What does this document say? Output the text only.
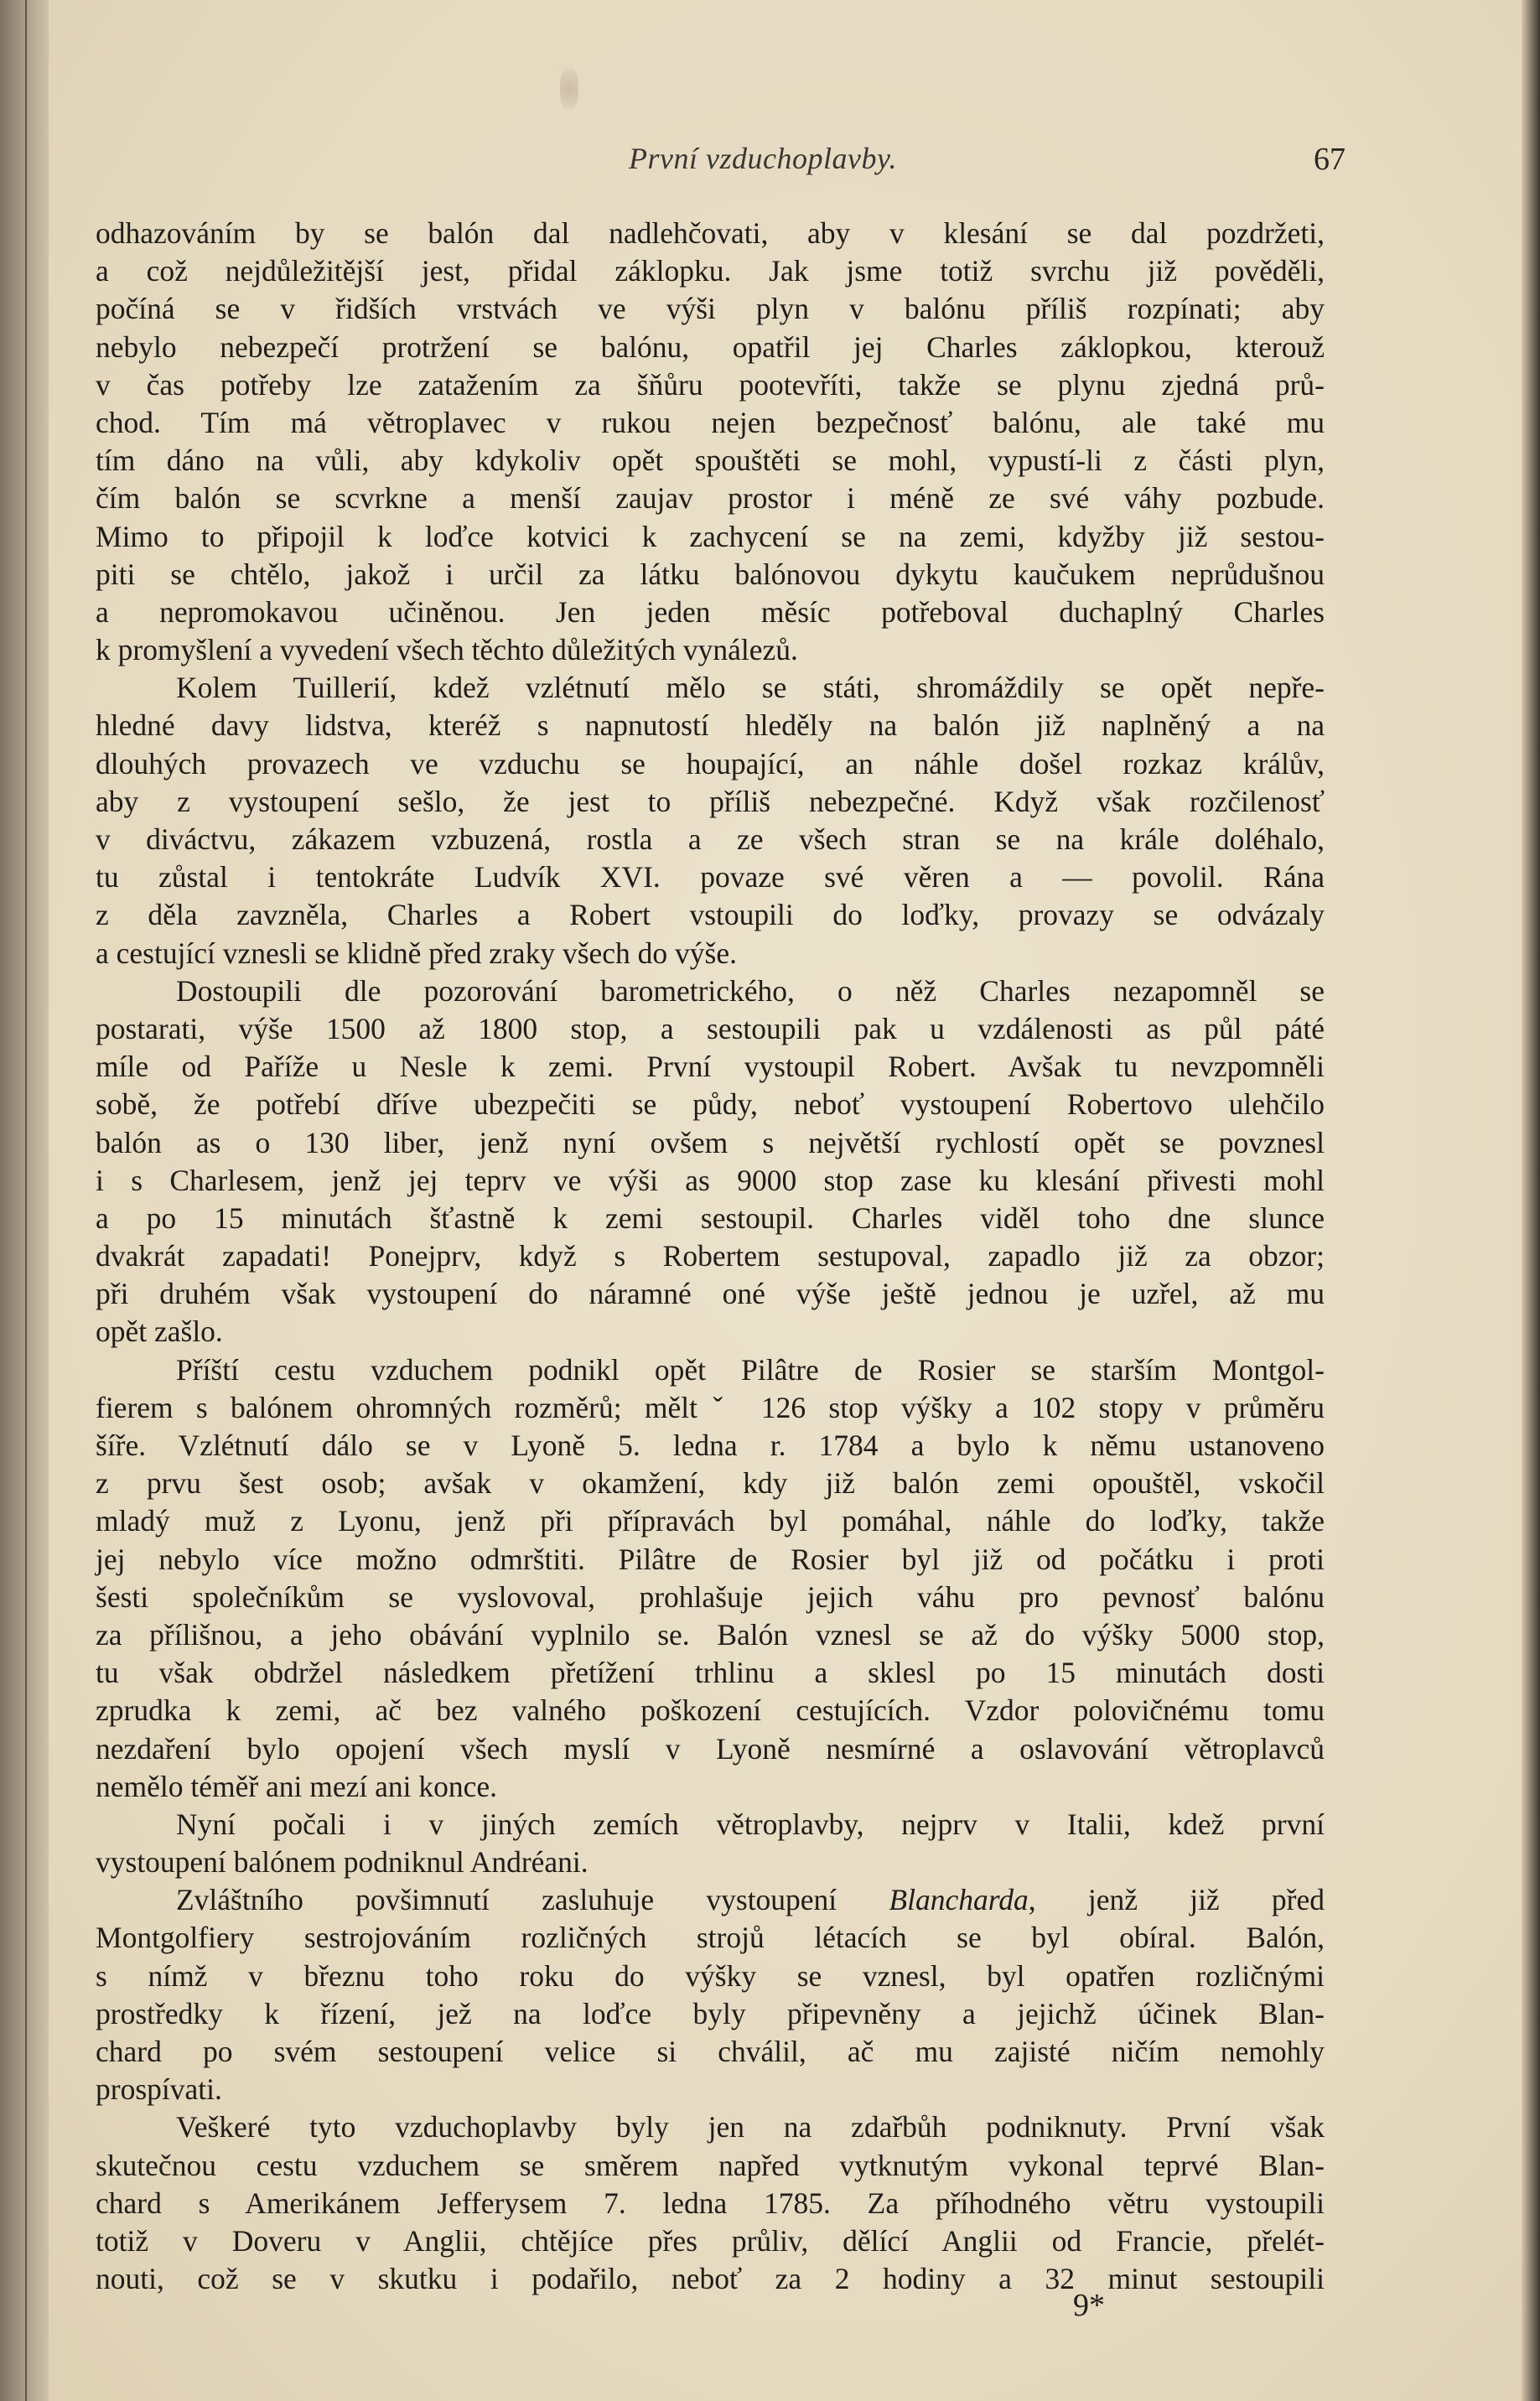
První vzduchoplavby.	67
odhazováním by se balón dal nadlehčovati, aby v klesání se dal pozdržeti,
a což nejdůležitější jest, přidal záklopku. Jak jsme totiž svrchu již pověděli,
počíná se v řidších vrstvách ve výši plyn v balónu příliš rozpínati; aby
nebylo nebezpečí protržení se balónu, opatřil jej Charles záklopkou, kterouž
v čas potřeby lze zatažením za šňůru pootevříti, takže se plynu zjedná prů-
chod. Tím má větroplavec v rukou nejen bezpečnosť balónu, ale také mu
tím dáno na vůli, aby kdykoliv opět spouštěti se mohl, vypustí-li z části plyn,
čím balón se scvrkne a menší zaujav prostor i méně ze své váhy pozbude.
Mimo to připojil k loďce kotvici k zachycení se na zemi, kdyžby již sestou-
piti se chtělo, jakož i určil za látku balónovou dykytu kaučukem neprůdušnou
a nepromokavou učiněnou. Jen jeden měsíc potřeboval duchaplný Charles
k promyšlení a vyvedení všech těchto důležitých vynálezů.
Kolem Tuillerií, kdež vzlétnutí mělo se státi, shromáždily se opět nepře-
hledné davy lidstva, kteréž s napnutostí hleděly na balón již naplněný a na
dlouhých provazech ve vzduchu se houpající, an náhle došel rozkaz králův,
aby z vystoupení sešlo, že jest to příliš nebezpečné. Když však rozčilenosť
v diváctvu, zákazem vzbuzená, rostla a ze všech stran se na krále doléhalo,
tu zůstal i tentokráte Ludvík XVI. povaze své věren a — povolil. Rána
z děla zavzněla, Charles a Robert vstoupili do loďky, provazy se odvázaly
a cestující vznesli se klidně před zraky všech do výše.
Dostoupili dle pozorování barometrického, o něž Charles nezapomněl se
postarati, výše 1500 až 1800 stop, a sestoupili pak u vzdálenosti as půl páté
míle od Paříže u Nesle k zemi. První vystoupil Robert. Avšak tu nevzpomněli
sobě, že potřebí dříve ubezpečiti se půdy, neboť vystoupení Robertovo ulehčilo
balón as o 130 liber, jenž nyní ovšem s největší rychlostí opět se povznesl
i s Charlesem, jenž jej teprv ve výši as 9000 stop zase ku klesání přivesti mohl
a po 15 minutách šťastně k zemi sestoupil. Charles viděl toho dne slunce
dvakrát zapadati! Ponejprv, když s Robertem sestupoval, zapadlo již za obzor;
při druhém však vystoupení do náramné oné výše ještě jednou je uzřel, až mu
opět zašlo.
Příští cestu vzduchem podnikl opět Pilâtre de Rosier se starším Montgol-
fierem s balónem ohromných rozměrů; měltˇ 126 stop výšky a 102 stopy v průměru
šíře. Vzlétnutí dálo se v Lyoně 5. ledna r. 1784 a bylo k němu ustanoveno
z prvu šest osob; avšak v okamžení, kdy již balón zemi opouštěl, vskočil
mladý muž z Lyonu, jenž při přípravách byl pomáhal, náhle do loďky, takže
jej nebylo více možno odmrštiti. Pilâtre de Rosier byl již od počátku i proti
šesti společníkům se vyslovoval, prohlašuje jejich váhu pro pevnosť balónu
za přílišnou, a jeho obávání vyplnilo se. Balón vznesl se až do výšky 5000 stop,
tu však obdržel následkem přetížení trhlinu a sklesl po 15 minutách dosti
zprudka k zemi, ač bez valného poškození cestujících. Vzdor polovičnému tomu
nezdaření bylo opojení všech myslí v Lyoně nesmírné a oslavování větroplavců
nemělo téměř ani mezí ani konce.
Nyní počali i v jiných zemích větroplavby, nejprv v Italii, kdež první
vystoupení balónem podniknul Andréani.
Zvláštního povšimnutí zasluhuje vystoupení Blancharda, jenž již před
Montgolfiery sestrojováním rozličných strojů létacích se byl obíral. Balón,
s nímž v březnu toho roku do výšky se vznesl, byl opatřen rozličnými
prostředky k řízení, jež na loďce byly připevněny a jejichž účinek Blan-
chard po svém sestoupení velice si chválil, ač mu zajisté ničím nemohly
prospívati.
Veškeré tyto vzduchoplavby byly jen na zdařbůh podniknuty. První však
skutečnou cestu vzduchem se směrem napřed vytknutým vykonal teprvé Blan-
chard s Amerikánem Jefferysem 7. ledna 1785. Za příhodného větru vystoupili
totiž v Doveru v Anglii, chtějíce přes průliv, dělící Anglii od Francie, přelét-
nouti, což se v skutku i podařilo, neboť za 2 hodiny a 32 minut sestoupili
9*
